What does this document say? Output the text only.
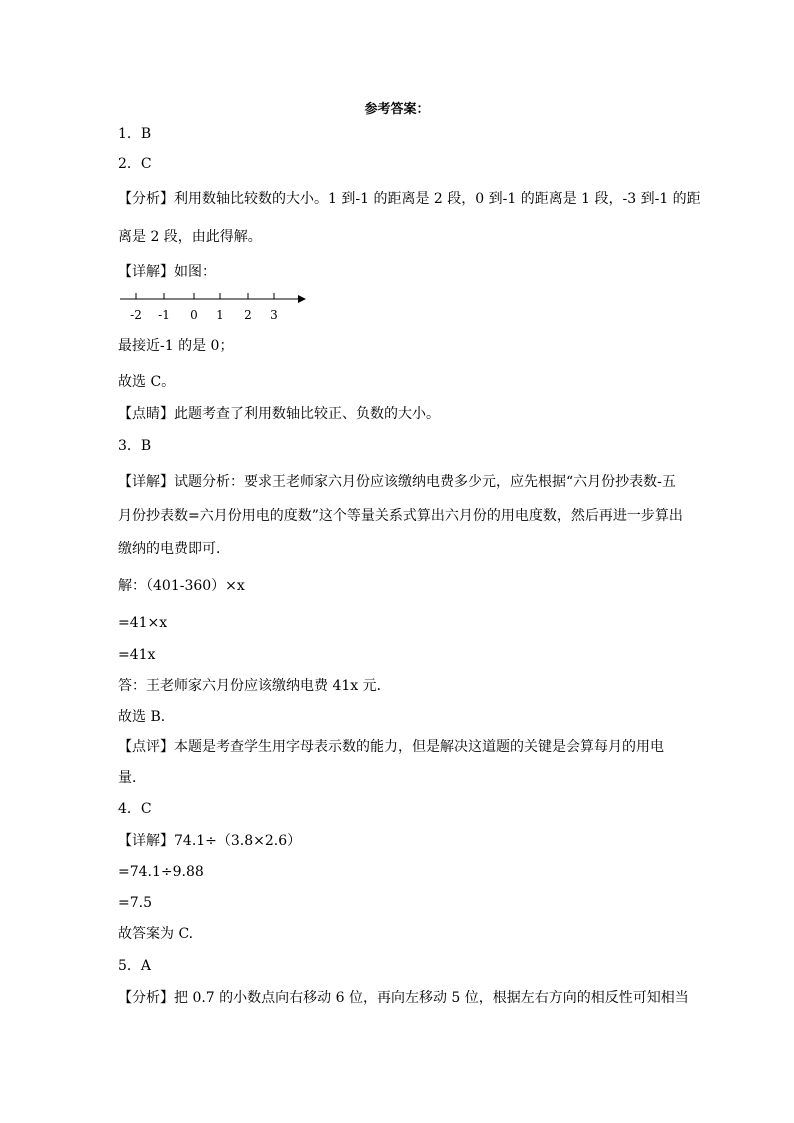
参考答案：
1．B
2．C
【分析】利用数轴比较数的大小。1 到-1 的距离是 2 段，0 到-1 的距离是 1 段，-3 到-1 的距
离是 2 段，由此得解。
【详解】如图：
-2 -1 0 1 2 3
最接近-1 的是 0；
故选 C。
【点睛】此题考查了利用数轴比较正、负数的大小。
3．B
【详解】试题分析：要求王老师家六月份应该缴纳电费多少元，应先根据“六月份抄表数-五
月份抄表数=六月份用电的度数”这个等量关系式算出六月份的用电度数，然后再进一步算出
缴纳的电费即可．
解：（401-360）×x
=41×x
=41x
答：王老师家六月份应该缴纳电费 41x 元．
故选 B．
【点评】本题是考查学生用字母表示数的能力，但是解决这道题的关键是会算每月的用电
量．
4．C
【详解】74.1÷（3.8×2.6）
=74.1÷9.88
=7.5
故答案为 C.
5．A
【分析】把 0.7 的小数点向右移动 6 位，再向左移动 5 位，根据左右方向的相反性可知相当
